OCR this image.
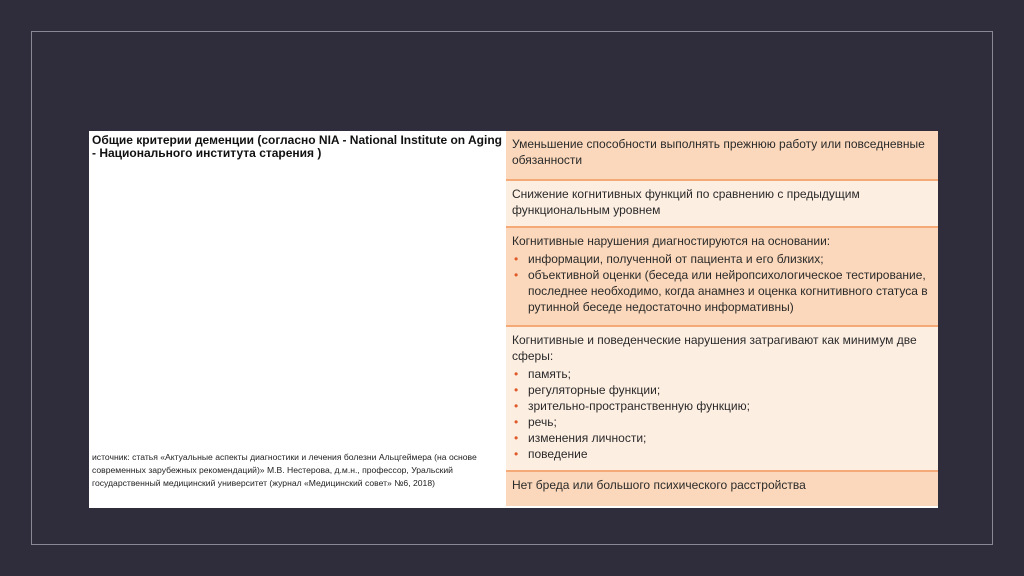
Общие критерии деменции (согласно NIA - National Institute on Aging - Национального института старения )
источник: статья «Актуальные аспекты диагностики и лечения болезни Альцгеймера (на основе современных зарубежных рекомендаций)» М.В. Нестерова, д.м.н., профессор, Уральский государственный медицинский университет (журнал «Медицинский совет» №6, 2018)
Уменьшение способности выполнять прежнюю работу или повседневные обязанности
Снижение когнитивных функций по сравнению с предыдущим функциональным уровнем
Когнитивные нарушения диагностируются на основании:
• информации, полученной от пациента и его близких;
• объективной оценки (беседа или нейропсихологическое тестирование, последнее необходимо, когда анамнез и оценка когнитивного статуса в рутинной беседе недостаточно информативны)
Когнитивные и поведенческие нарушения затрагивают как минимум две сферы:
• память;
• регуляторные функции;
• зрительно-пространственную функцию;
• речь;
• изменения личности;
• поведение
Нет бреда или большого психического расстройства
